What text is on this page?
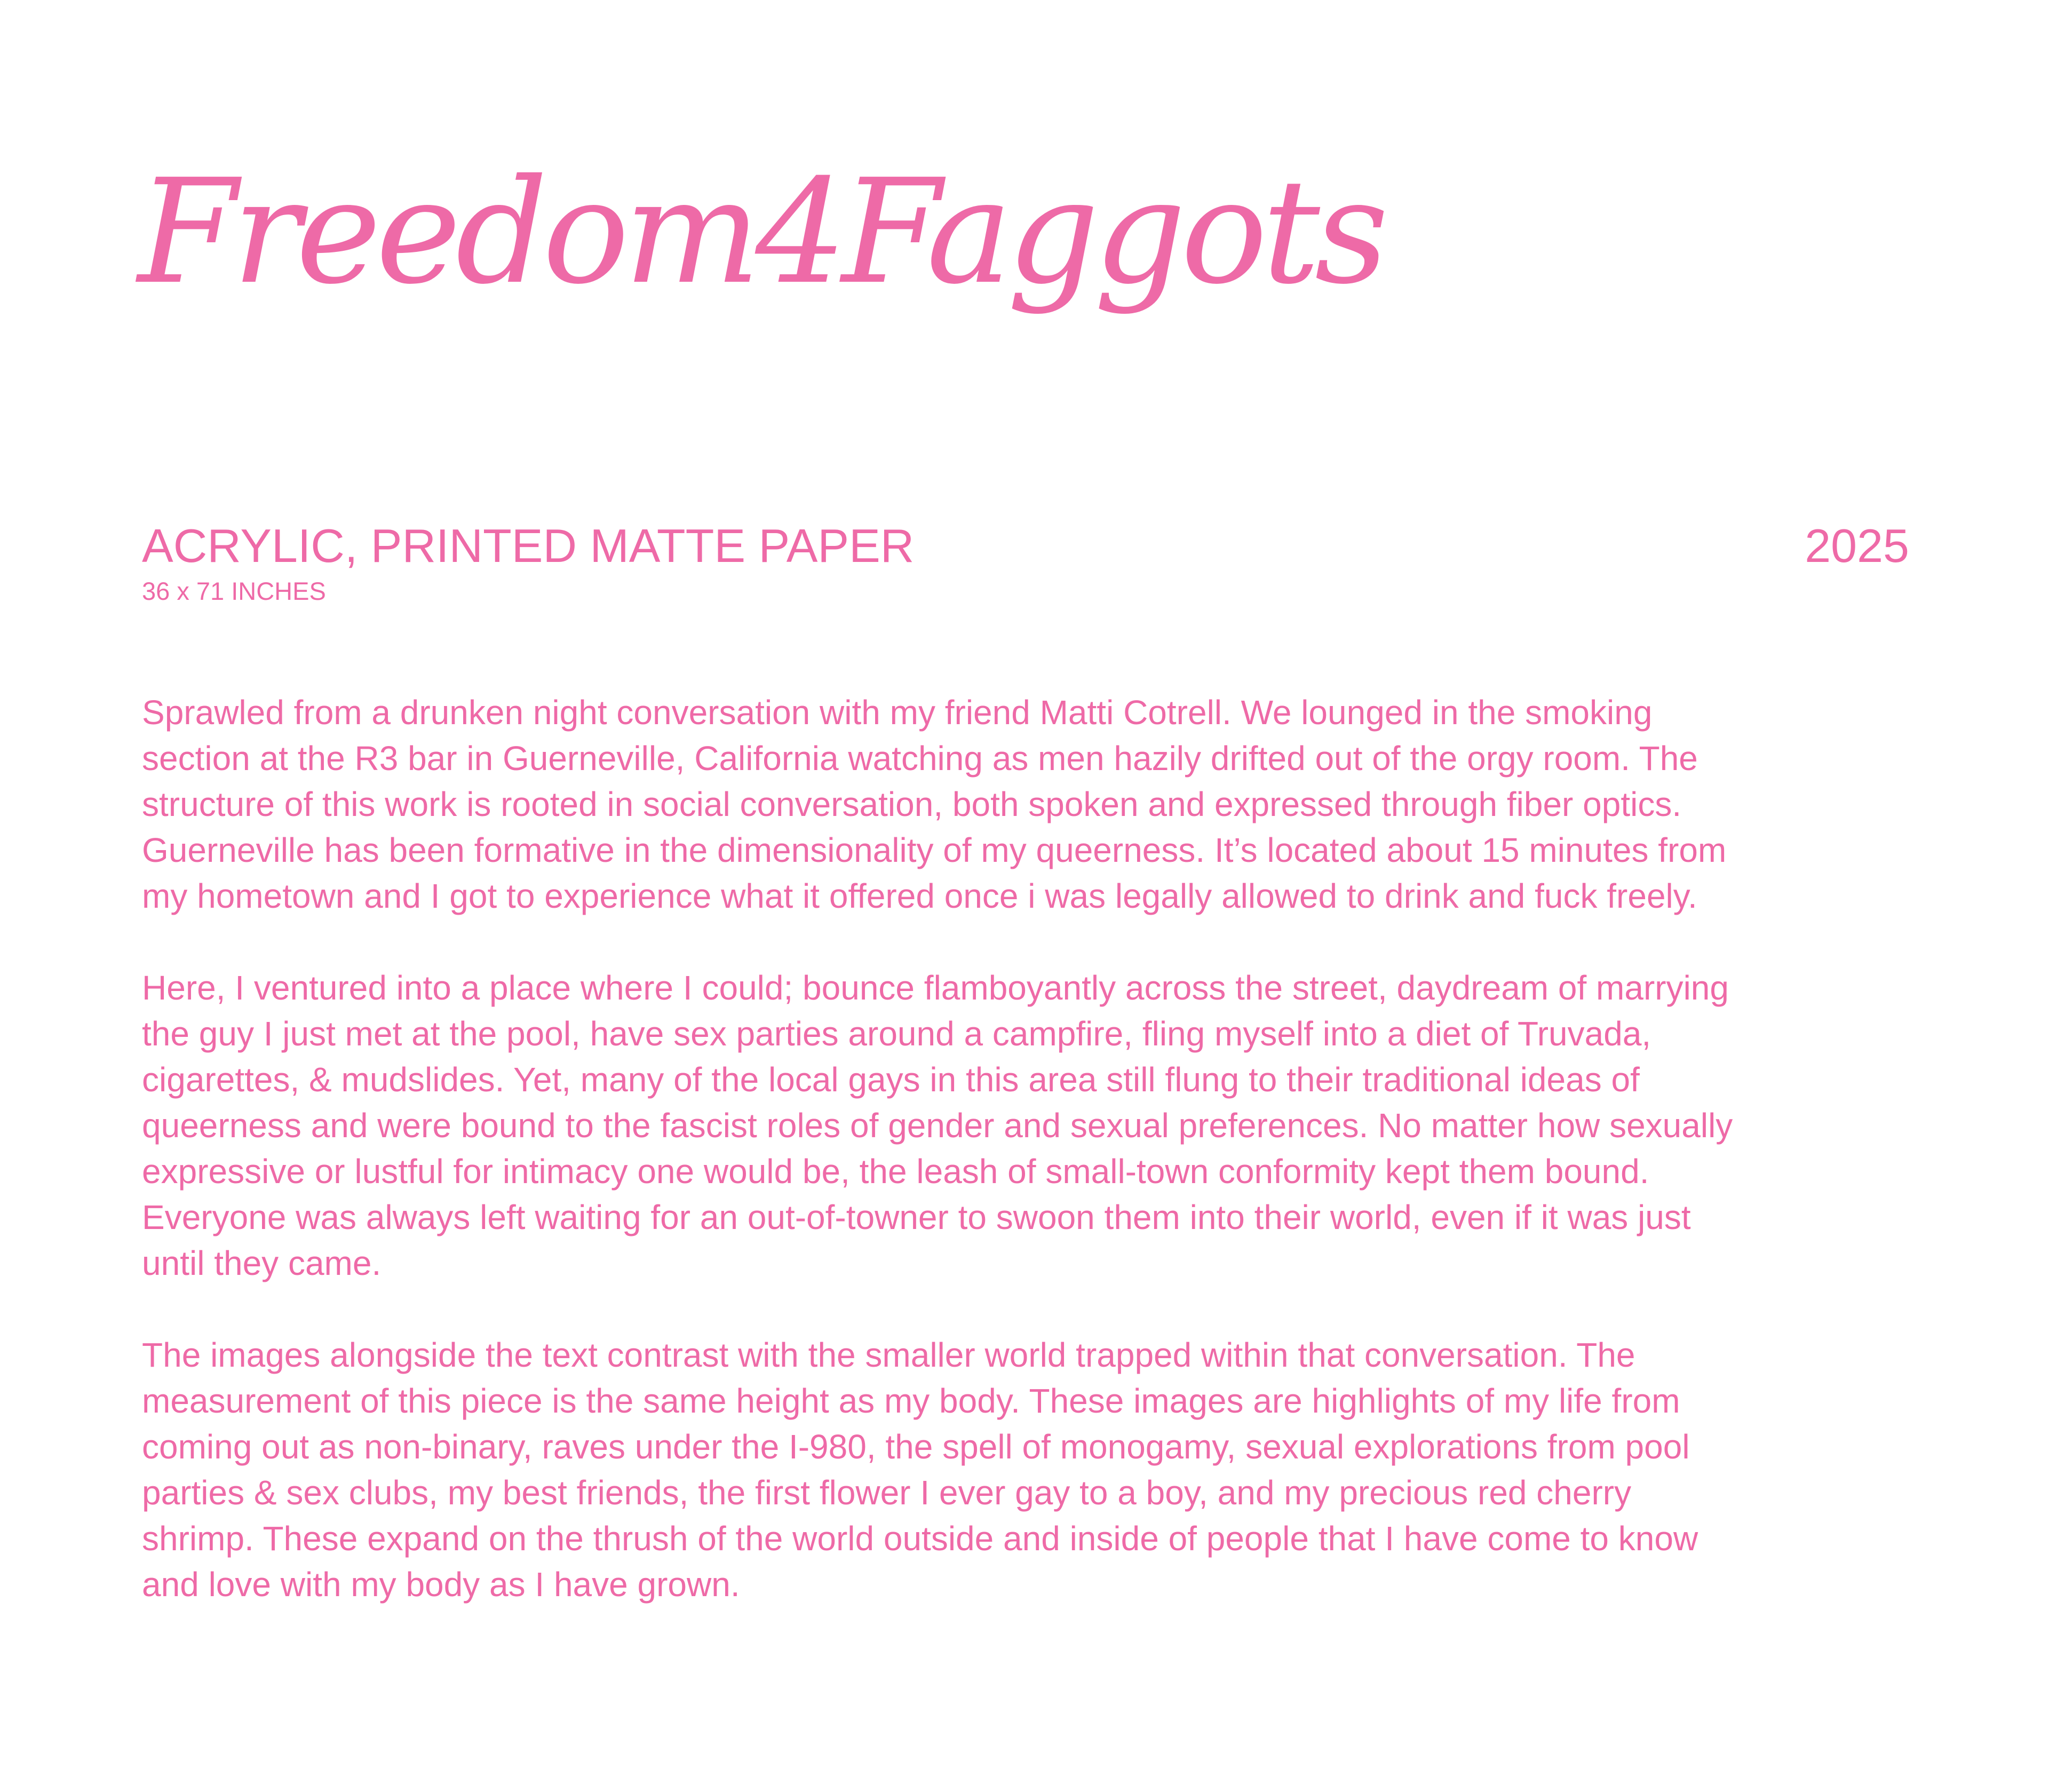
Freedom4Faggots
ACRYLIC, PRINTED MATTE PAPER	2025
36 x 71 INCHES

Sprawled from a drunken night conversation with my friend Matti Cotrell. We lounged in the smoking
section at the R3 bar in Guerneville, California watching as men hazily drifted out of the orgy room. The
structure of this work is rooted in social conversation, both spoken and expressed through fiber optics.
Guerneville has been formative in the dimensionality of my queerness. It’s located about 15 minutes from
my hometown and I got to experience what it offered once i was legally allowed to drink and fuck freely.

Here, I ventured into a place where I could; bounce flamboyantly across the street, daydream of marrying
the guy I just met at the pool, have sex parties around a campfire, fling myself into a diet of Truvada,
cigarettes, & mudslides. Yet, many of the local gays in this area still flung to their traditional ideas of
queerness and were bound to the fascist roles of gender and sexual preferences. No matter how sexually
expressive or lustful for intimacy one would be, the leash of small-town conformity kept them bound.
Everyone was always left waiting for an out-of-towner to swoon them into their world, even if it was just
until they came.

The images alongside the text contrast with the smaller world trapped within that conversation. The
measurement of this piece is the same height as my body. These images are highlights of my life from
coming out as non-binary, raves under the I-980, the spell of monogamy, sexual explorations from pool
parties & sex clubs, my best friends, the first flower I ever gay to a boy, and my precious red cherry
shrimp. These expand on the thrush of the world outside and inside of people that I have come to know
and love with my body as I have grown.
